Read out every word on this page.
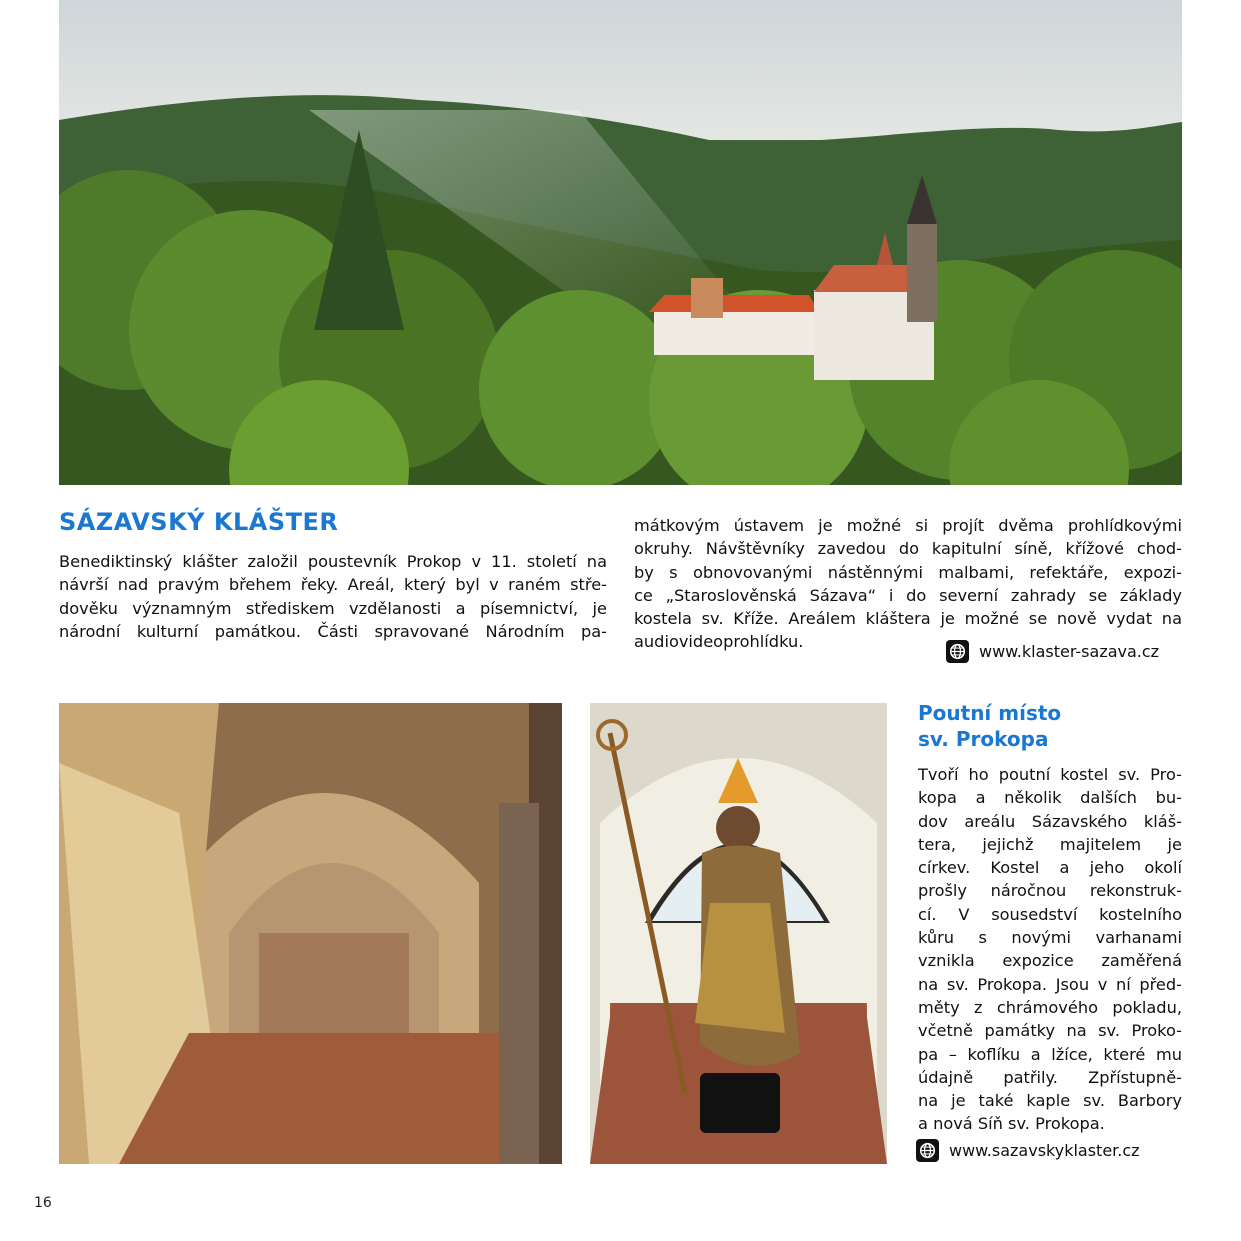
SÁZAVSKÝ KLÁŠTER
Benediktinský klášter založil poustevník Prokop v 11. století na
návrší nad pravým břehem řeky. Areál, který byl v raném stře-
dověku významným střediskem vzdělanosti a písemnictví, je
národní kulturní památkou. Části spravované Národním pa-
mátkovým ústavem je možné si projít dvěma prohlídkovými
okruhy. Návštěvníky zavedou do kapitulní síně, křížové chod-
by s obnovovanými nástěnnými malbami, refektáře, expozi-
ce „Staroslověnská Sázava“ i do severní zahrady se základy
kostela sv. Kříže. Areálem kláštera je možné se nově vydat na
audiovideoprohlídku.
www.klaster-sazava.cz
Poutní místo
sv. Prokopa
Tvoří ho poutní kostel sv. Pro-
kopa a několik dalších bu-
dov areálu Sázavského kláš-
tera, jejichž majitelem je
církev. Kostel a jeho okolí
prošly náročnou rekonstruk-
cí. V sousedství kostelního
kůru s novými varhanami
vznikla expozice zaměřená
na sv. Prokopa. Jsou v ní před-
měty z chrámového pokladu,
včetně památky na sv. Proko-
pa – koflíku a lžíce, které mu
údajně patřily. Zpřístupně-
na je také kaple sv. Barbory
a nová Síň sv. Prokopa.
www.sazavskyklaster.cz
16
